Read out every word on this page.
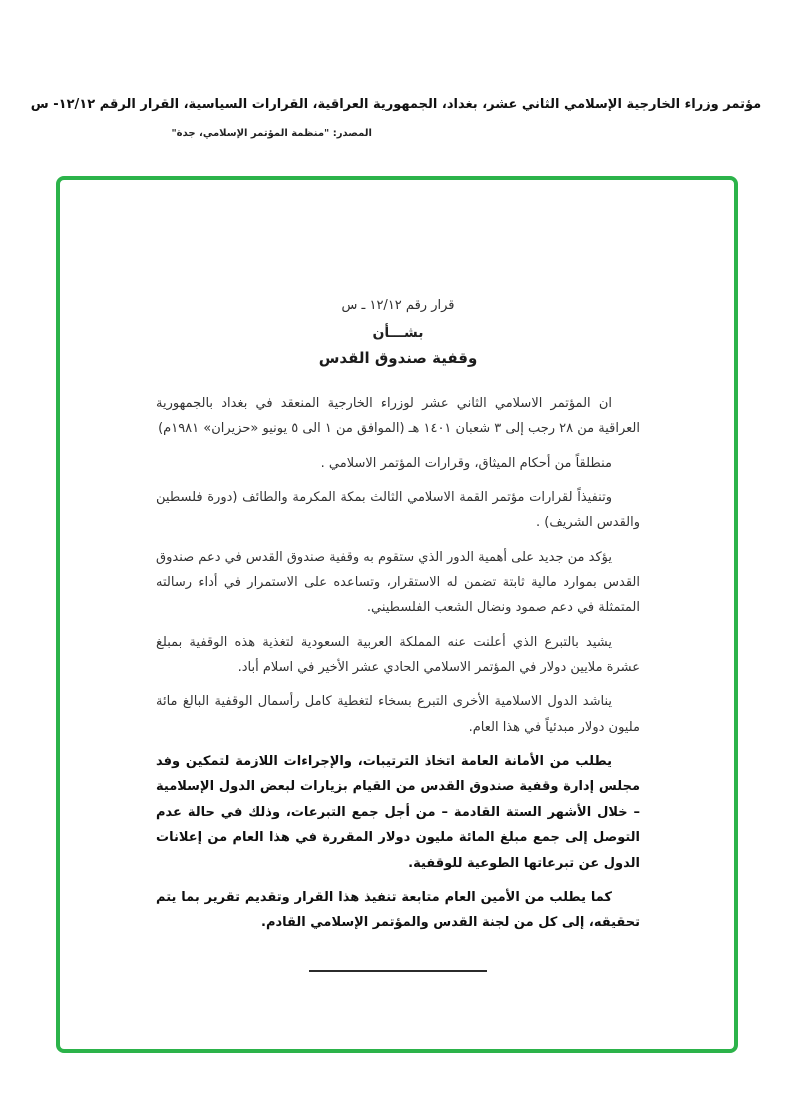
مؤتمر وزراء الخارجية الإسلامي الثاني عشر، بغداد، الجمهورية العراقية، القرارات السياسية، القرار الرقم ١٢/١٢- س
المصدر: "منظمة المؤتمر الإسلامي، جدة"
قرار رقم ١٢/١٢ ـ س
بشـــأن
وقفية صندوق القدس

ان المؤتمر الاسلامي الثاني عشر لوزراء الخارجية المنعقد في بغداد بالجمهورية العراقية من ٢٨ رجب إلى ٣ شعبان ١٤٠١ هـ (الموافق من ١ الى ٥ يونيو «حزيران» ١٩٨١م)

منطلقاً من أحكام الميثاق، وقرارات المؤتمر الاسلامي .

وتنفيذاً لقرارات مؤتمر القمة الاسلامي الثالث بمكة المكرمة والطائف (دورة فلسطين والقدس الشريف) .

يؤكد من جديد على أهمية الدور الذي ستقوم به وقفية صندوق القدس في دعم صندوق القدس بموارد مالية ثابتة تضمن له الاستقرار، وتساعده على الاستمرار في أداء رسالته المتمثلة في دعم صمود ونضال الشعب الفلسطيني.

يشيد بالتبرع الذي أعلنت عنه المملكة العربية السعودية لتغذية هذه الوقفية بمبلغ عشرة ملايين دولار في المؤتمر الاسلامي الحادي عشر الأخير في اسلام أباد.

يناشد الدول الاسلامية الأخرى التبرع بسخاء لتغطية كامل رأسمال الوقفية البالغ مائة مليون دولار مبدئياً في هذا العام.

يطلب من الأمانة العامة اتخاذ الترتيبات، والإجراءات اللازمة لتمكين وفد مجلس إدارة وقفية صندوق القدس من القيام بزيارات لبعض الدول الإسلامية – خلال الأشهر الستة القادمة – من أجل جمع التبرعات، وذلك في حالة عدم التوصل إلى جمع مبلغ المائة مليون دولار المقررة في هذا العام من إعلانات الدول عن تبرعاتها الطوعية للوقفية.

كما يطلب من الأمين العام متابعة تنفيذ هذا القرار وتقديم تقرير بما يتم تحقيقه، إلى كل من لجنة القدس والمؤتمر الإسلامي القادم.
